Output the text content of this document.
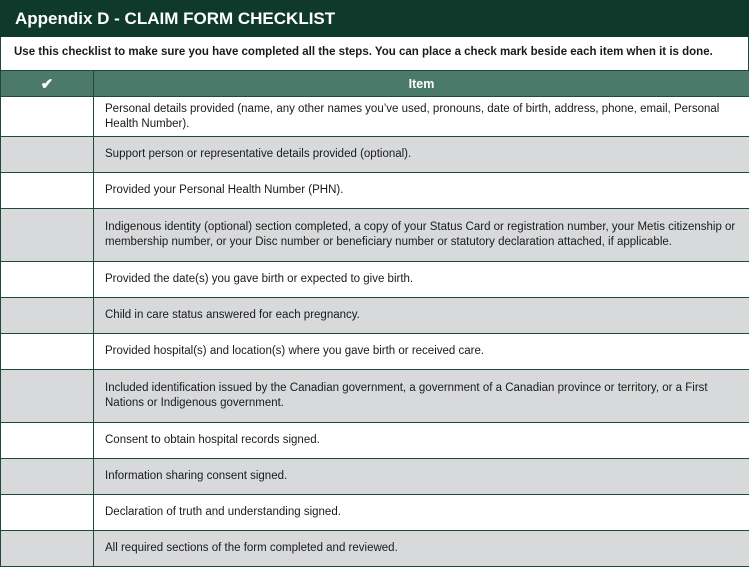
Appendix D - CLAIM FORM CHECKLIST
Use this checklist to make sure you have completed all the steps. You can place a check mark beside each item when it is done.
✔	Item

	Personal details provided (name, any other names you’ve used, pronouns, date of birth, address, phone, email, Personal Health Number).

	Support person or representative details provided (optional).

	Provided your Personal Health Number (PHN).

	Indigenous identity (optional) section completed, a copy of your Status Card or registration number, your Metis citizenship or membership number, or your Disc number or beneficiary number or statutory declaration attached, if applicable.

	Provided the date(s) you gave birth or expected to give birth.

	Child in care status answered for each pregnancy.

	Provided hospital(s) and location(s) where you gave birth or received care.

	Included identification issued by the Canadian government, a government of a Canadian province or territory, or a First Nations or Indigenous government.

	Consent to obtain hospital records signed.

	Information sharing consent signed.

	Declaration of truth and understanding signed.

	All required sections of the form completed and reviewed.
